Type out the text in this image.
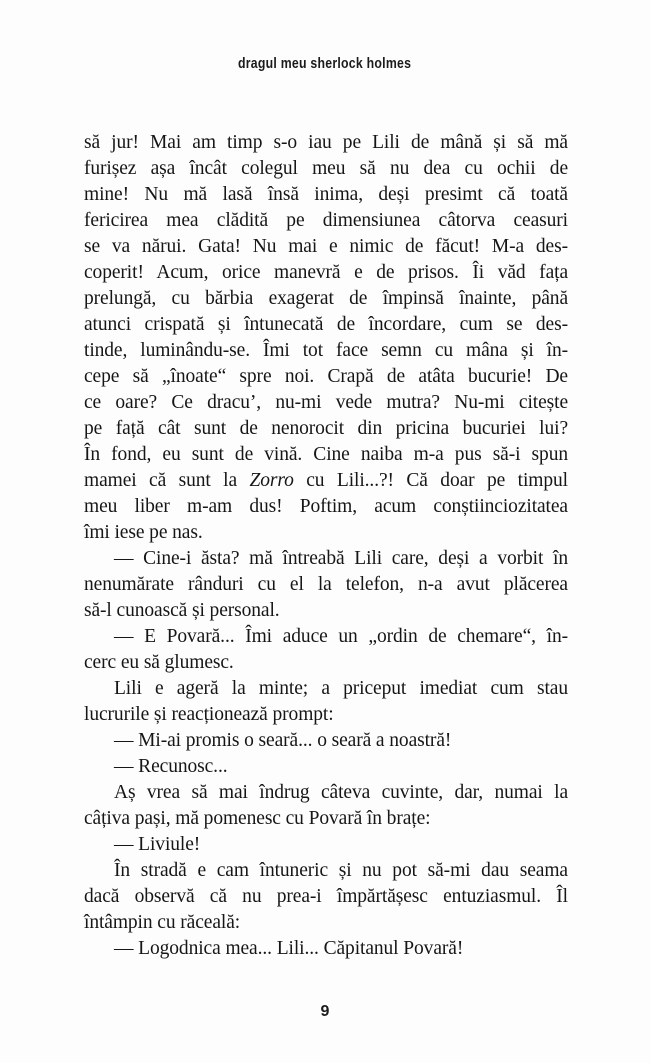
dragul meu sherlock holmes

să jur! Mai am timp s-o iau pe Lili de mână și să mă
furișez așa încât colegul meu să nu dea cu ochii de
mine! Nu mă lasă însă inima, deși presimt că toată
fericirea mea clădită pe dimensiunea câtorva ceasuri
se va nărui. Gata! Nu mai e nimic de făcut! M-a des-
coperit! Acum, orice manevră e de prisos. Îi văd fața
prelungă, cu bărbia exagerat de împinsă înainte, până
atunci crispată și întunecată de încordare, cum se des-
tinde, luminându-se. Îmi tot face semn cu mâna și în-
cepe să „înoate“ spre noi. Crapă de atâta bucurie! De
ce oare? Ce dracu’, nu-mi vede mutra? Nu-mi citește
pe față cât sunt de nenorocit din pricina bucuriei lui?
În fond, eu sunt de vină. Cine naiba m-a pus să-i spun
mamei că sunt la Zorro cu Lili...?! Că doar pe timpul
meu liber m-am dus! Poftim, acum conștiinciozitatea
îmi iese pe nas.

— Cine-i ăsta? mă întreabă Lili care, deși a vorbit în
nenumărate rânduri cu el la telefon, n-a avut plăcerea
să-l cunoască și personal.

— E Povară... Îmi aduce un „ordin de chemare“, în-
cerc eu să glumesc.

Lili e ageră la minte; a priceput imediat cum stau
lucrurile și reacționează prompt:

— Mi-ai promis o seară... o seară a noastră!

— Recunosc...

Aș vrea să mai îndrug câteva cuvinte, dar, numai la
câțiva pași, mă pomenesc cu Povară în brațe:

— Liviule!

În stradă e cam întuneric și nu pot să-mi dau seama
dacă observă că nu prea-i împărtășesc entuziasmul. Îl
întâmpin cu răceală:

— Logodnica mea... Lili... Căpitanul Povară!

9
